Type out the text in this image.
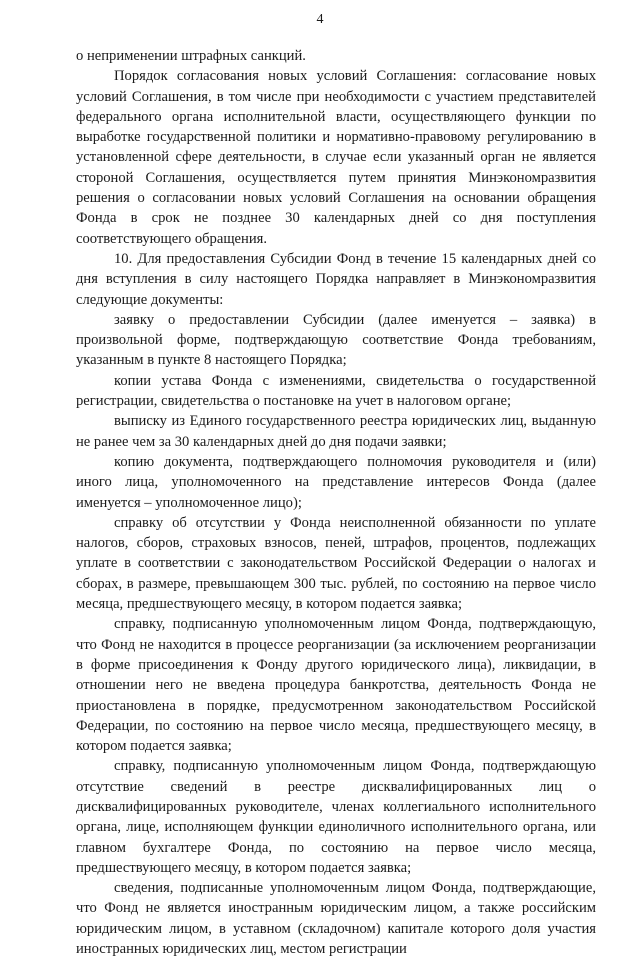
4

о неприменении штрафных санкций.

Порядок согласования новых условий Соглашения: согласование новых условий Соглашения, в том числе при необходимости с участием представителей федерального органа исполнительной власти, осуществляющего функции по выработке государственной политики и нормативно-правовому регулированию в установленной сфере деятельности, в случае если указанный орган не является стороной Соглашения, осуществляется путем принятия Минэкономразвития решения о согласовании новых условий Соглашения на основании обращения Фонда в срок не позднее 30 календарных дней со дня поступления соответствующего обращения.

10. Для предоставления Субсидии Фонд в течение 15 календарных дней со дня вступления в силу настоящего Порядка направляет в Минэкономразвития следующие документы:

заявку о предоставлении Субсидии (далее именуется – заявка) в произвольной форме, подтверждающую соответствие Фонда требованиям, указанным в пункте 8 настоящего Порядка;

копии устава Фонда с изменениями, свидетельства о государственной регистрации, свидетельства о постановке на учет в налоговом органе;

выписку из Единого государственного реестра юридических лиц, выданную не ранее чем за 30 календарных дней до дня подачи заявки;

копию документа, подтверждающего полномочия руководителя и (или) иного лица, уполномоченного на представление интересов Фонда (далее именуется – уполномоченное лицо);

справку об отсутствии у Фонда неисполненной обязанности по уплате налогов, сборов, страховых взносов, пеней, штрафов, процентов, подлежащих уплате в соответствии с законодательством Российской Федерации о налогах и сборах, в размере, превышающем 300 тыс. рублей, по состоянию на первое число месяца, предшествующего месяцу, в котором подается заявка;

справку, подписанную уполномоченным лицом Фонда, подтверждающую, что Фонд не находится в процессе реорганизации (за исключением реорганизации в форме присоединения к Фонду другого юридического лица), ликвидации, в отношении него не введена процедура банкротства, деятельность Фонда не приостановлена в порядке, предусмотренном законодательством Российской Федерации, по состоянию на первое число месяца, предшествующего месяцу, в котором подается заявка;

справку, подписанную уполномоченным лицом Фонда, подтверждающую отсутствие сведений в реестре дисквалифицированных лиц о дисквалифицированных руководителе, членах коллегиального исполнительного органа, лице, исполняющем функции единоличного исполнительного органа, или главном бухгалтере Фонда, по состоянию на первое число месяца, предшествующего месяцу, в котором подается заявка;

сведения, подписанные уполномоченным лицом Фонда, подтверждающие, что Фонд не является иностранным юридическим лицом, а также российским юридическим лицом, в уставном (складочном) капитале которого доля участия иностранных юридических лиц, местом регистрации
